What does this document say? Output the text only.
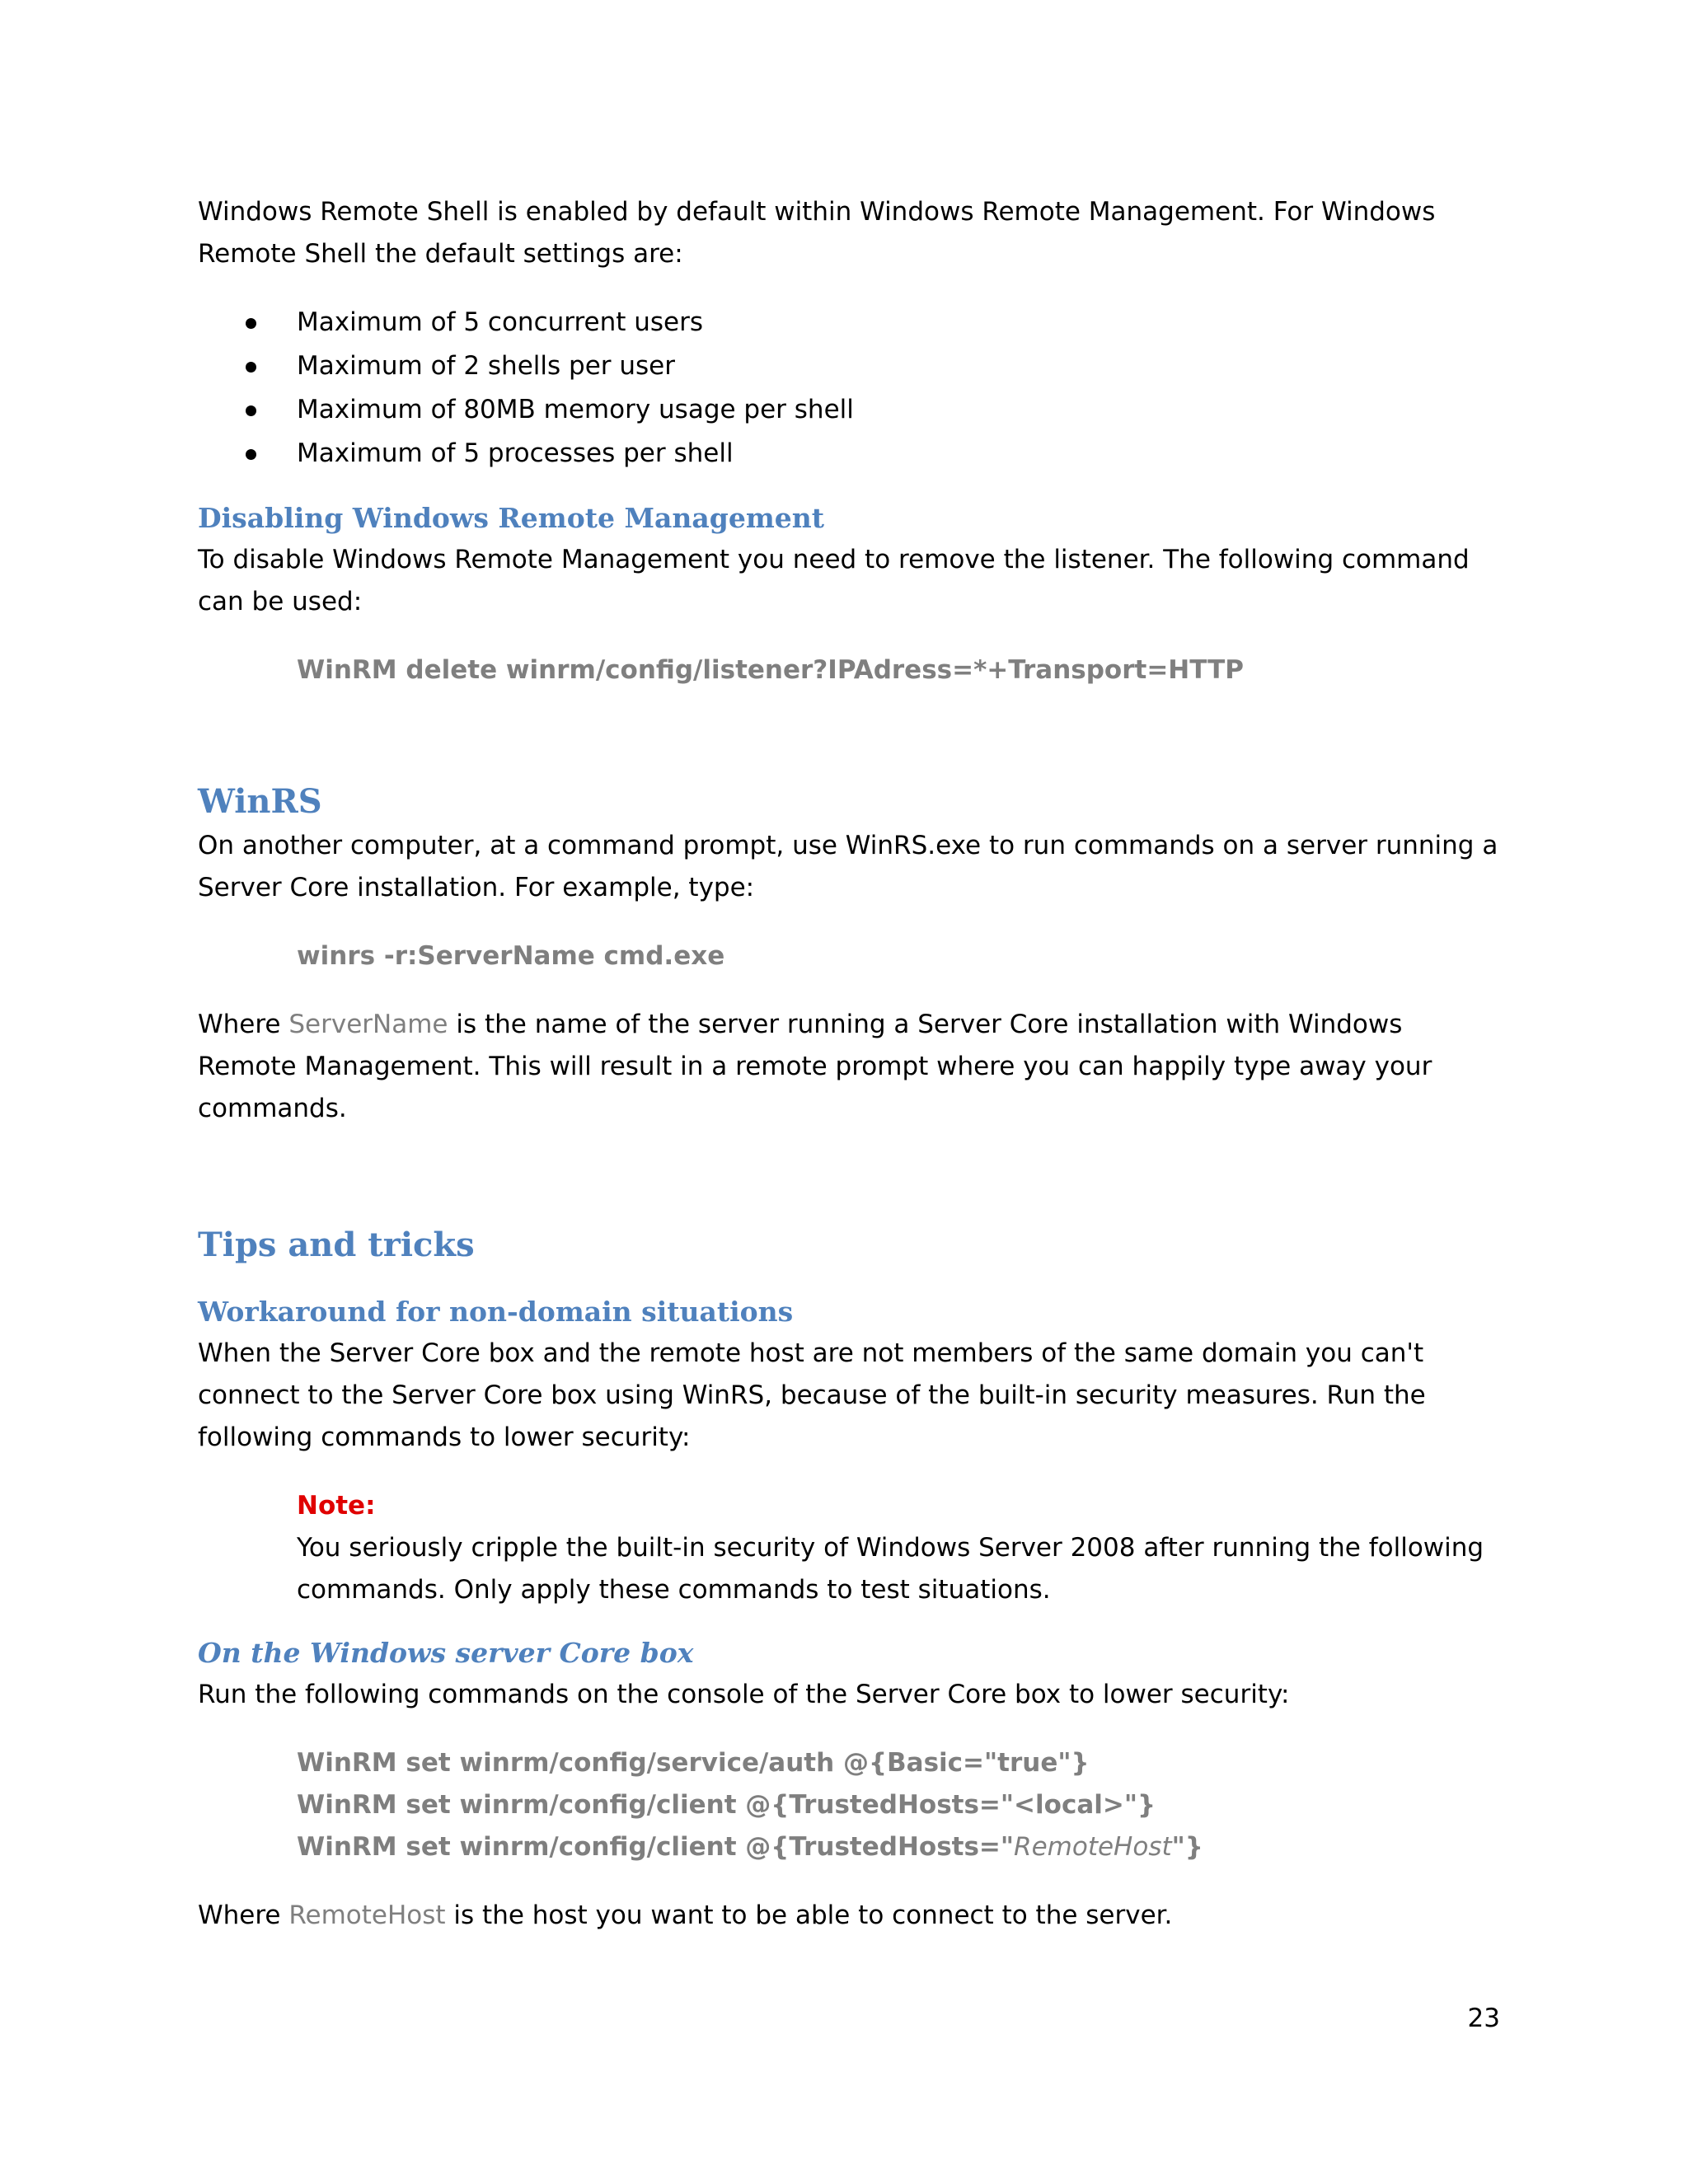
Windows Remote Shell is enabled by default within Windows Remote Management. For Windows Remote Shell the default settings are:

Maximum of 5 concurrent users
Maximum of 2 shells per user
Maximum of 80MB memory usage per shell
Maximum of 5 processes per shell
Disabling Windows Remote Management

To disable Windows Remote Management you need to remove the listener. The following command can be used:

WinRM delete winrm/config/listener?IPAdress=*+Transport=HTTP
WinRS

On another computer, at a command prompt, use WinRS.exe to run commands on a server running a Server Core installation. For example, type:

winrs -r:ServerName cmd.exe

Where ServerName is the name of the server running a Server Core installation with Windows Remote Management. This will result in a remote prompt where you can happily type away your commands.

Tips and tricks
Workaround for non-domain situations

When the Server Core box and the remote host are not members of the same domain you can't connect to the Server Core box using WinRS, because of the built-in security measures. Run the following commands to lower security:

Note:
You seriously cripple the built-in security of Windows Server 2008 after running the following commands. Only apply these commands to test situations.
On the Windows server Core box

Run the following commands on the console of the Server Core box to lower security:

WinRM set winrm/config/service/auth @{Basic="true"}
WinRM set winrm/config/client @{TrustedHosts="<local>"}
WinRM set winrm/config/client @{TrustedHosts="RemoteHost"}

Where RemoteHost is the host you want to be able to connect to the server.

23
